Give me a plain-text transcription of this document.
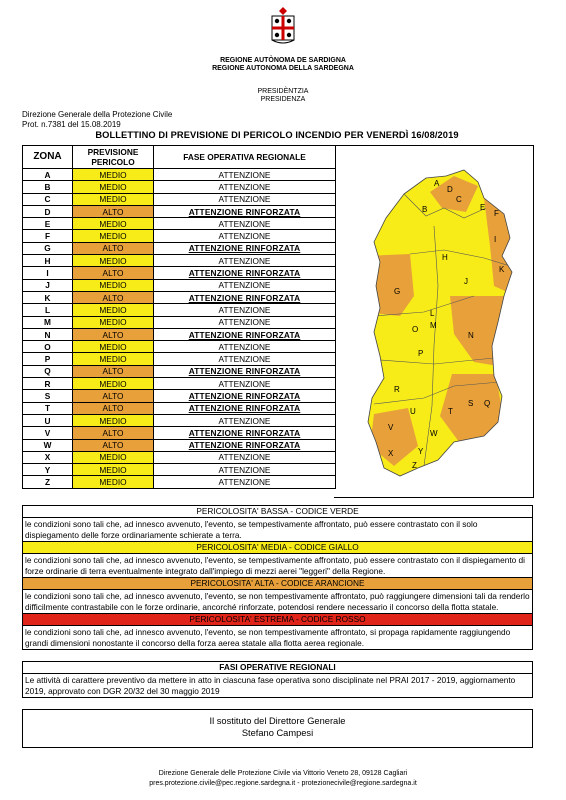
REGIONE AUTÒNOMA DE SARDIGNA
REGIONE AUTONOMA DELLA SARDEGNA
PRESIDÈNTZIA
PRESIDENZA
Direzione Generale della Protezione Civile
Prot. n.7381 del 15.08.2019
BOLLETTINO DI PREVISIONE DI PERICOLO INCENDIO PER VENERDÌ 16/08/2019
ZONA	PREVISIONE PERICOLO	FASE OPERATIVA REGIONALE
A	MEDIO	ATTENZIONE
B	MEDIO	ATTENZIONE
C	MEDIO	ATTENZIONE
D	ALTO	ATTENZIONE RINFORZATA
E	MEDIO	ATTENZIONE
F	MEDIO	ATTENZIONE
G	ALTO	ATTENZIONE RINFORZATA
H	MEDIO	ATTENZIONE
I	ALTO	ATTENZIONE RINFORZATA
J	MEDIO	ATTENZIONE
K	ALTO	ATTENZIONE RINFORZATA
L	MEDIO	ATTENZIONE
M	MEDIO	ATTENZIONE
N	ALTO	ATTENZIONE RINFORZATA
O	MEDIO	ATTENZIONE
P	MEDIO	ATTENZIONE
Q	ALTO	ATTENZIONE RINFORZATA
R	MEDIO	ATTENZIONE
S	ALTO	ATTENZIONE RINFORZATA
T	ALTO	ATTENZIONE RINFORZATA
U	MEDIO	ATTENZIONE
V	ALTO	ATTENZIONE RINFORZATA
W	ALTO	ATTENZIONE RINFORZATA
X	MEDIO	ATTENZIONE
Y	MEDIO	ATTENZIONE
Z	MEDIO	ATTENZIONE
A
B
C
D
E
F
G
H
I
J
K
L
M
N
O
P
Q
R
S
T
U
V
W
X	Y
Z
PERICOLOSITA' BASSA - CODICE VERDE
le condizioni sono tali che, ad innesco avvenuto, l'evento, se tempestivamente affrontato, può essere contrastato con il solo dispiegamento delle forze ordinariamente schierate a terra.
PERICOLOSITA' MEDIA - CODICE GIALLO
le condizioni sono tali che, ad innesco avvenuto, l'evento, se tempestivamente affrontato, può essere contrastato con il dispiegamento di forze ordinarie di terra eventualmente integrato dall'impiego di mezzi aerei "leggeri" della Regione.
PERICOLOSITA' ALTA - CODICE ARANCIONE
le condizioni sono tali che, ad innesco avvenuto, l'evento, se non tempestivamente affrontato, può raggiungere dimensioni tali da renderlo difficilmente contrastabile con le forze ordinarie, ancorché rinforzate, potendosi rendere necessario il concorso della flotta statale.
PERICOLOSITA' ESTREMA - CODICE ROSSO
le condizioni sono tali che, ad innesco avvenuto, l'evento, se non tempestivamente affrontato, si propaga rapidamente raggiungendo grandi dimensioni nonostante il concorso della forza aerea statale alla flotta aerea regionale.
FASI OPERATIVE REGIONALI
Le attività di carattere preventivo da mettere in atto in ciascuna fase operativa sono disciplinate nel PRAI 2017 - 2019, aggiornamento 2019, approvato con DGR 20/32 del 30 maggio 2019
Il sostituto del Direttore Generale
Stefano Campesi
Direzione Generale delle Protezione Civile via Vittorio Veneto 28, 09128 Cagliari
pres.protezione.civile@pec.regione.sardegna.it - protezionecivile@regione.sardegna.it
